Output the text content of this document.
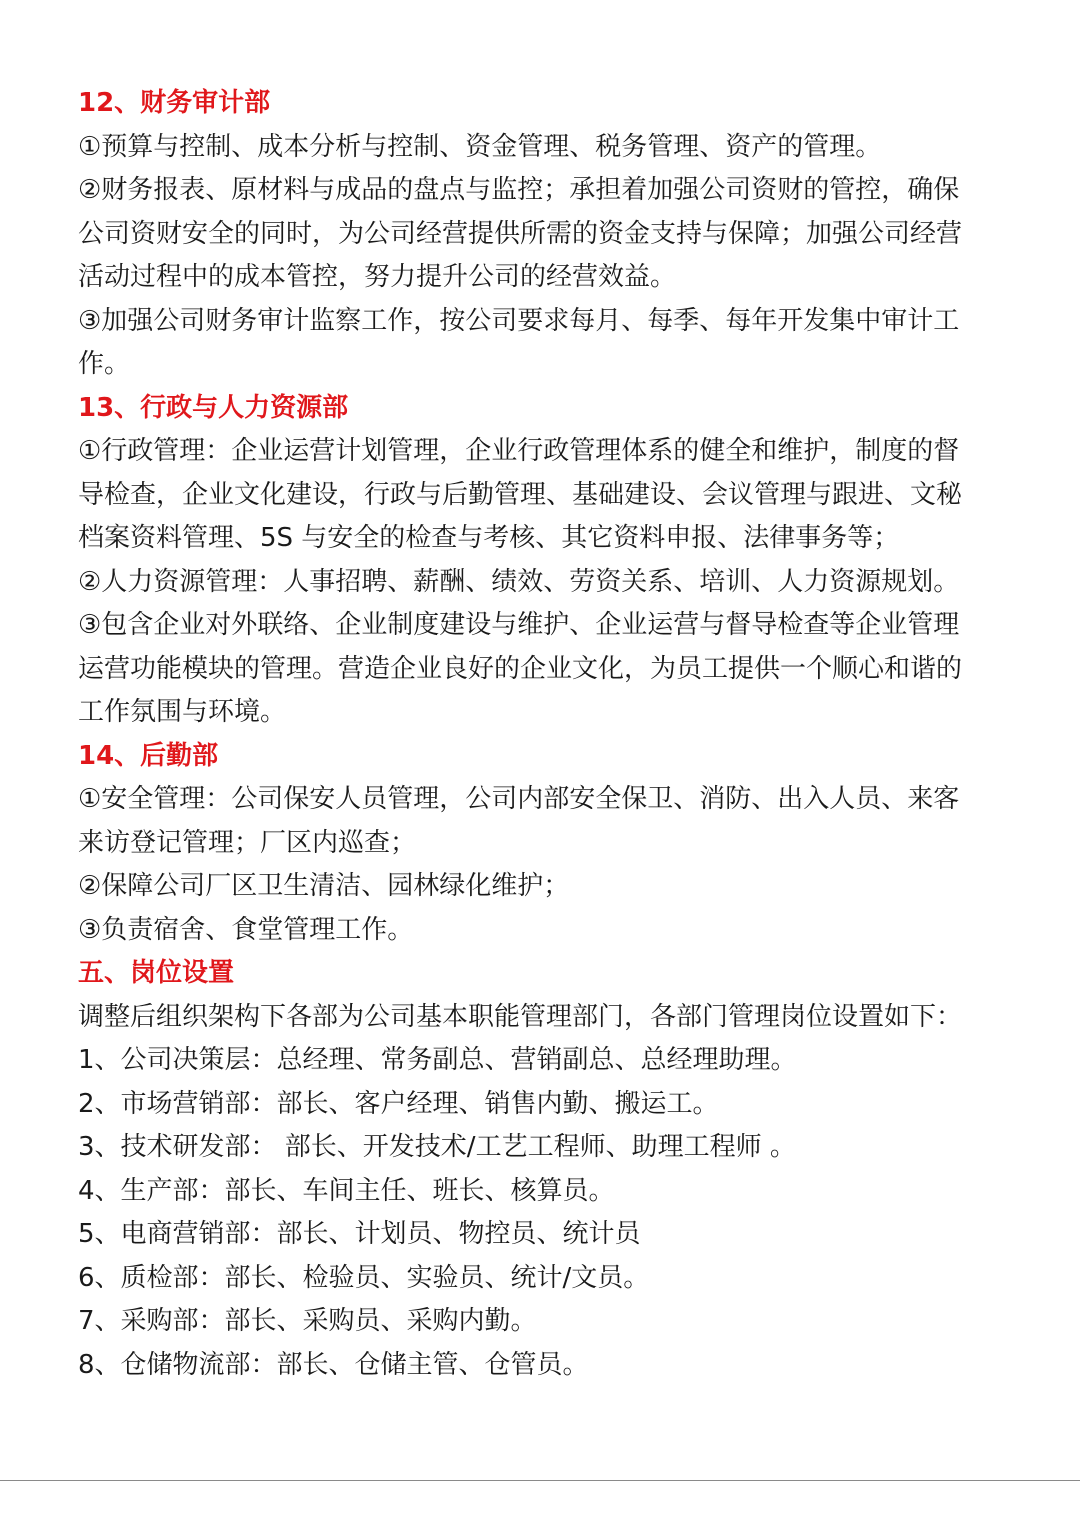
12、财务审计部
①预算与控制、成本分析与控制、资金管理、税务管理、资产的管理。
②财务报表、原材料与成品的盘点与监控；承担着加强公司资财的管控，确保
公司资财安全的同时，为公司经营提供所需的资金支持与保障；加强公司经营
活动过程中的成本管控，努力提升公司的经营效益。
③加强公司财务审计监察工作，按公司要求每月、每季、每年开发集中审计工
作。
13、行政与人力资源部
①行政管理：企业运营计划管理，企业行政管理体系的健全和维护，制度的督
导检查，企业文化建设，行政与后勤管理、基础建设、会议管理与跟进、文秘
档案资料管理、5S 与安全的检查与考核、其它资料申报、法律事务等；
②人力资源管理：人事招聘、薪酬、绩效、劳资关系、培训、人力资源规划。
③包含企业对外联络、企业制度建设与维护、企业运营与督导检查等企业管理
运营功能模块的管理。营造企业良好的企业文化，为员工提供一个顺心和谐的
工作氛围与环境。
14、后勤部
①安全管理：公司保安人员管理，公司内部安全保卫、消防、出入人员、来客
来访登记管理；厂区内巡查；
②保障公司厂区卫生清洁、园林绿化维护；
③负责宿舍、食堂管理工作。
五、岗位设置
调整后组织架构下各部为公司基本职能管理部门，各部门管理岗位设置如下：
1、公司决策层：总经理、常务副总、营销副总、总经理助理。
2、市场营销部：部长、客户经理、销售内勤、搬运工。
3、技术研发部： 部长、开发技术/工艺工程师、助理工程师 。
4、生产部：部长、车间主任、班长、核算员。
5、电商营销部：部长、计划员、物控员、统计员
6、质检部：部长、检验员、实验员、统计/文员。
7、采购部：部长、采购员、采购内勤。
8、仓储物流部：部长、仓储主管、仓管员。
